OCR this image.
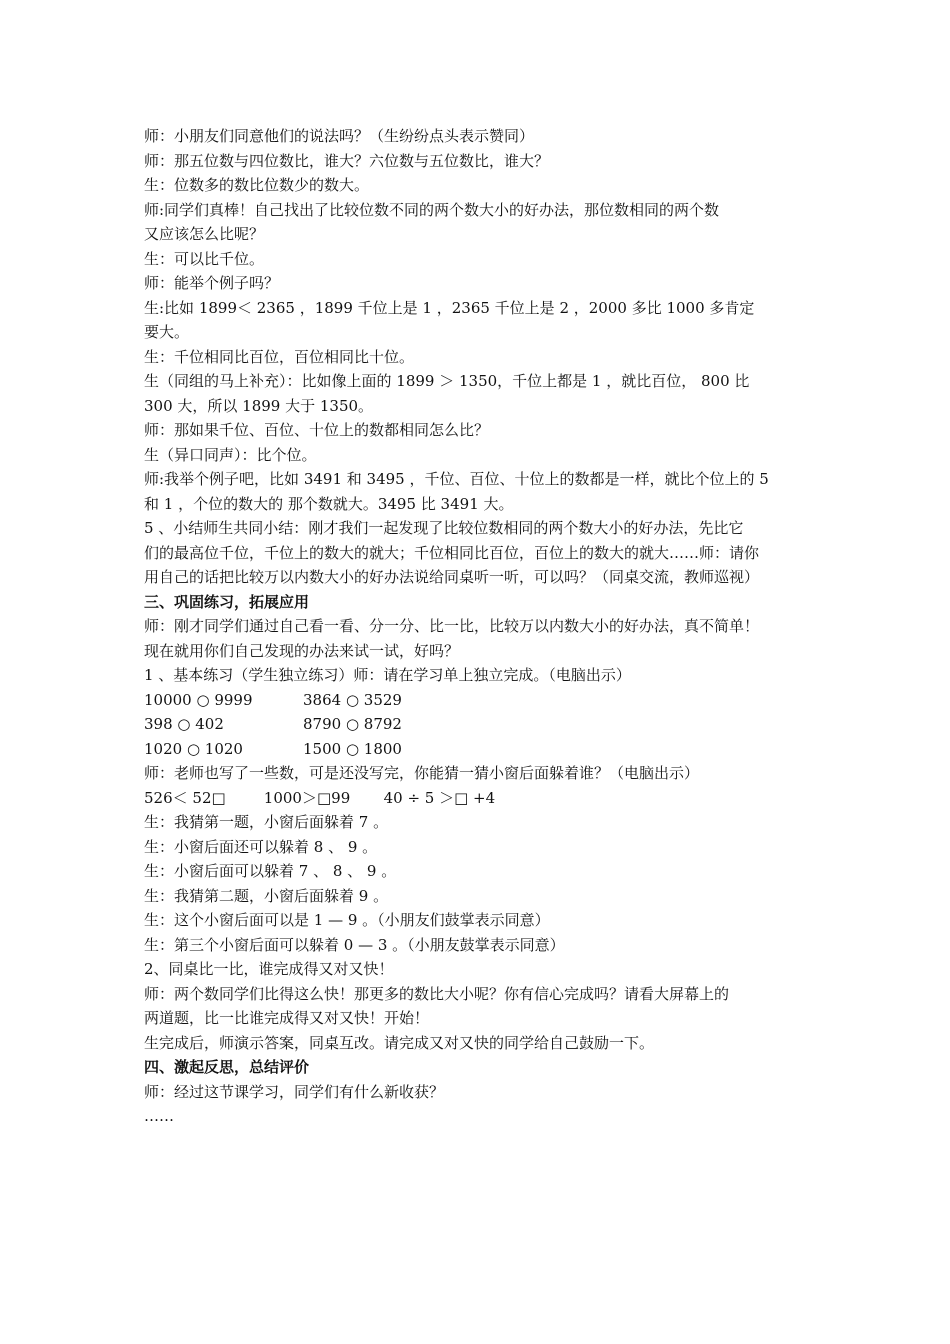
师：小朋友们同意他们的说法吗？（生纷纷点头表示赞同）
师：那五位数与四位数比，谁大？六位数与五位数比，谁大？
生：位数多的数比位数少的数大。
师:同学们真棒！自己找出了比较位数不同的两个数大小的好办法，那位数相同的两个数
又应该怎么比呢？
生：可以比千位。
师：能举个例子吗？
生:比如 1899＜ 2365 ，1899 千位上是 1 ，2365 千位上是 2 ，2000 多比 1000 多肯定
要大。
生：千位相同比百位，百位相同比十位。
生（同组的马上补充）：比如像上面的 1899 ＞ 1350，千位上都是 1 ，就比百位， 800 比
300 大，所以 1899 大于 1350。
师：那如果千位、百位、十位上的数都相同怎么比？
生（异口同声）：比个位。
师:我举个例子吧，比如 3491 和 3495 ，千位、百位、十位上的数都是一样，就比个位上的 5
和 1 ，个位的数大的 那个数就大。3495 比 3491 大。
5 、小结师生共同小结：刚才我们一起发现了比较位数相同的两个数大小的好办法，先比它
们的最高位千位，千位上的数大的就大；千位相同比百位，百位上的数大的就大……师：请你
用自己的话把比较万以内数大小的好办法说给同桌听一听，可以吗？（同桌交流，教师巡视）
三、巩固练习，拓展应用
师：刚才同学们通过自己看一看、分一分、比一比，比较万以内数大小的好办法，真不简单！
现在就用你们自己发现的办法来试一试，好吗？
1 、基本练习（学生独立练习）师：请在学习单上独立完成。（电脑出示）
10000 ○ 9999	3864 ○ 3529
398 ○ 402	8790 ○ 8792
1020 ○ 1020	1500 ○ 1800
师：老师也写了一些数，可是还没写完，你能猜一猜小窗后面躲着谁？（电脑出示）
526＜ 52□        1000＞□99       40 ÷ 5 ＞□ +4
生：我猜第一题，小窗后面躲着 7 。
生：小窗后面还可以躲着 8 、 9 。
生：小窗后面可以躲着 7 、 8 、 9 。
生：我猜第二题，小窗后面躲着 9 。
生：这个小窗后面可以是 1 — 9 。（小朋友们鼓掌表示同意）
生：第三个小窗后面可以躲着 0 — 3 。（小朋友鼓掌表示同意）
2、同桌比一比，谁完成得又对又快！
师：两个数同学们比得这么快！那更多的数比大小呢？你有信心完成吗？请看大屏幕上的
两道题，比一比谁完成得又对又快！开始！
生完成后，师演示答案，同桌互改。请完成又对又快的同学给自己鼓励一下。
四、激起反思，总结评价
师：经过这节课学习，同学们有什么新收获？
……
